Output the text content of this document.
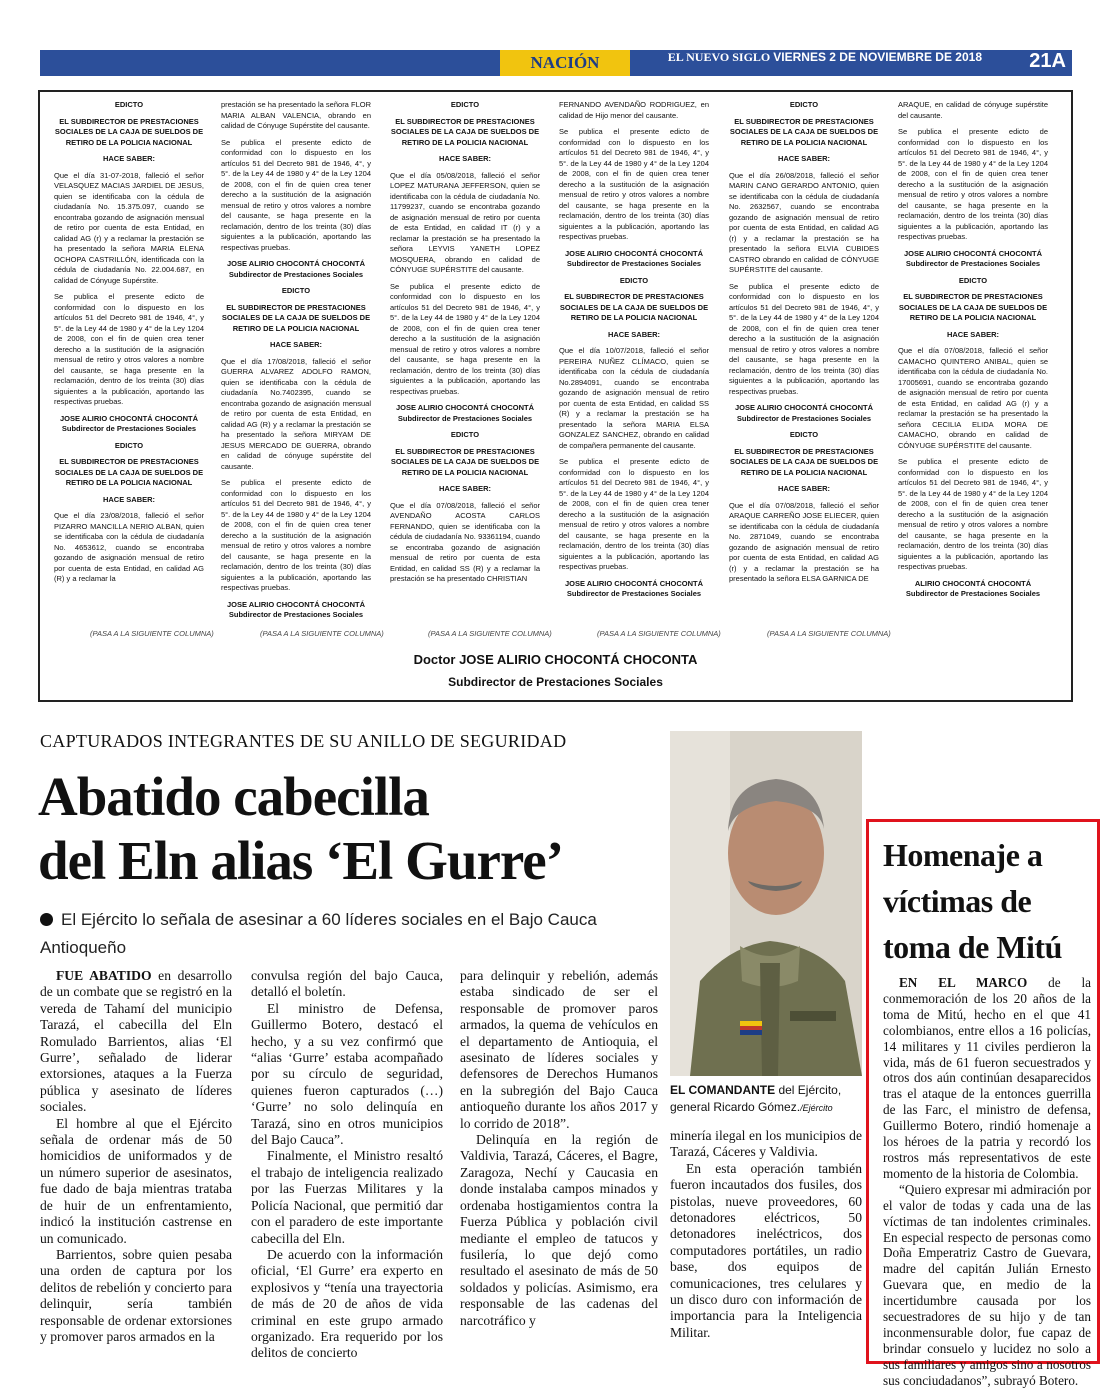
NACIÓN	EL NUEVO SIGLO VIERNES 2 DE NOVIEMBRE DE 2018 21A
EDICTO
EL SUBDIRECTOR DE PRESTACIONES SOCIALES DE LA CAJA DE SUELDOS DE RETIRO DE LA POLICIA NACIONAL
HACE SABER:
Que el día 31-07-2018, falleció el señor VELASQUEZ MACIAS JARDIEL DE JESUS, quien se identificaba con la cédula de ciudadanía No. 15.375.097, cuando se encontraba gozando de asignación mensual de retiro por cuenta de esta Entidad, en calidad AG (r) y a reclamar la prestación se ha presentado la señora MARIA ELENA OCHOPA CASTRILLÓN, identificada con la cédula de ciudadanía No. 22.004.687, en calidad de Cónyuge Supérstite.
Se publica el presente edicto de conformidad con lo dispuesto en los artículos 51 del Decreto 981 de 1946, 4°, y 5°. de la Ley 44 de 1980 y 4° de la Ley 1204 de 2008, con el fin de quien crea tener derecho a la sustitución de la asignación mensual de retiro y otros valores a nombre del causante, se haga presente en la reclamación, dentro de los treinta (30) días siguientes a la publicación, aportando las respectivas pruebas.
JOSE ALIRIO CHOCONTÁ CHOCONTÁ
Subdirector de Prestaciones Sociales
EDICTO
EL SUBDIRECTOR DE PRESTACIONES SOCIALES DE LA CAJA DE SUELDOS DE RETIRO DE LA POLICIA NACIONAL
HACE SABER:
Que el día 23/08/2018, falleció el señor PIZARRO MANCILLA NERIO ALBAN, quien se identificaba con la cédula de ciudadanía No. 4653612, cuando se encontraba gozando de asignación mensual de retiro por cuenta de esta Entidad, en calidad AG (R) y a reclamar la
prestación se ha presentado la señora FLOR MARIA ALBAN VALENCIA, obrando en calidad de Cónyuge Supérstite del causante.
Se publica el presente edicto de conformidad con lo dispuesto en los artículos 51 del Decreto 981 de 1946, 4°, y 5°. de la Ley 44 de 1980 y 4° de la Ley 1204 de 2008, con el fin de quien crea tener derecho a la sustitución de la asignación mensual de retiro y otros valores a nombre del causante, se haga presente en la reclamación, dentro de los treinta (30) días siguientes a la publicación, aportando las respectivas pruebas.
JOSE ALIRIO CHOCONTÁ CHOCONTÁ
Subdirector de Prestaciones Sociales
EDICTO
EL SUBDIRECTOR DE PRESTACIONES SOCIALES DE LA CAJA DE SUELDOS DE RETIRO DE LA POLICIA NACIONAL
HACE SABER:
Que el día 17/08/2018, falleció el señor GUERRA ALVAREZ ADOLFO RAMON, quien se identificaba con la cédula de ciudadanía No.7402395, cuando se encontraba gozando de asignación mensual de retiro por cuenta de esta Entidad, en calidad AG (R) y a reclamar la prestación se ha presentado la señora MIRYAM DE JESUS MERCADO DE GUERRA, obrando en calidad de cónyuge supérstite del causante.
Se publica el presente edicto de conformidad con lo dispuesto en los artículos 51 del Decreto 981 de 1946, 4°, y 5°. de la Ley 44 de 1980 y 4° de la Ley 1204 de 2008, con el fin de quien crea tener derecho a la sustitución de la asignación mensual de retiro y otros valores a nombre del causante, se haga presente en la reclamación, dentro de los treinta (30) días siguientes a la publicación, aportando las respectivas pruebas.
JOSE ALIRIO CHOCONTÁ CHOCONTÁ
Subdirector de Prestaciones Sociales
EDICTO
EL SUBDIRECTOR DE PRESTACIONES SOCIALES DE LA CAJA DE SUELDOS DE RETIRO DE LA POLICIA NACIONAL
HACE SABER:
Que el día 05/08/2018, falleció el señor LOPEZ MATURANA JEFFERSON, quien se identificaba con la cédula de ciudadanía No. 11799237, cuando se encontraba gozando de asignación mensual de retiro por cuenta de esta Entidad, en calidad IT (r) y a reclamar la prestación se ha presentado la señora LEYVIS YANETH LOPEZ MOSQUERA, obrando en calidad de CÓNYUGE SUPÉRSTITE del causante.
Se publica el presente edicto de conformidad con lo dispuesto en los artículos 51 del Decreto 981 de 1946, 4°, y 5°. de la Ley 44 de 1980 y 4° de la Ley 1204 de 2008, con el fin de quien crea tener derecho a la sustitución de la asignación mensual de retiro y otros valores a nombre del causante, se haga presente en la reclamación, dentro de los treinta (30) días siguientes a la publicación, aportando las respectivas pruebas.
JOSE ALIRIO CHOCONTÁ CHOCONTÁ
Subdirector de Prestaciones Sociales
EDICTO
EL SUBDIRECTOR DE PRESTACIONES SOCIALES DE LA CAJA DE SUELDOS DE RETIRO DE LA POLICIA NACIONAL
HACE SABER:
Que el día 07/08/2018, falleció el señor AVENDAÑO ACOSTA CARLOS FERNANDO, quien se identificaba con la cédula de ciudadanía No. 93361194, cuando se encontraba gozando de asignación mensual de retiro por cuenta de esta Entidad, en calidad SS (R) y a reclamar la prestación se ha presentado CHRISTIAN
FERNANDO AVENDAÑO RODRIGUEZ, en calidad de Hijo menor del causante.
Se publica el presente edicto de conformidad con lo dispuesto en los artículos 51 del Decreto 981 de 1946, 4°, y 5°. de la Ley 44 de 1980 y 4° de la Ley 1204 de 2008, con el fin de quien crea tener derecho a la sustitución de la asignación mensual de retiro y otros valores a nombre del causante, se haga presente en la reclamación, dentro de los treinta (30) días siguientes a la publicación, aportando las respectivas pruebas.
JOSE ALIRIO CHOCONTÁ CHOCONTÁ
Subdirector de Prestaciones Sociales
EDICTO
EL SUBDIRECTOR DE PRESTACIONES SOCIALES DE LA CAJA DE SUELDOS DE RETIRO DE LA POLICIA NACIONAL
HACE SABER:
Que el día 10/07/2018, falleció el señor PEREIRA NUÑEZ CLÍMACO, quien se identificaba con la cédula de ciudadanía No.2894091, cuando se encontraba gozando de asignación mensual de retiro por cuenta de esta Entidad, en calidad SS (R) y a reclamar la prestación se ha presentado la señora MARIA ELSA GONZALEZ SANCHEZ, obrando en calidad de compañera permanente del causante.
Se publica el presente edicto de conformidad con lo dispuesto en los artículos 51 del Decreto 981 de 1946, 4°, y 5°. de la Ley 44 de 1980 y 4° de la Ley 1204 de 2008, con el fin de quien crea tener derecho a la sustitución de la asignación mensual de retiro y otros valores a nombre del causante, se haga presente en la reclamación, dentro de los treinta (30) días siguientes a la publicación, aportando las respectivas pruebas.
JOSE ALIRIO CHOCONTÁ CHOCONTÁ
Subdirector de Prestaciones Sociales
EDICTO
EL SUBDIRECTOR DE PRESTACIONES SOCIALES DE LA CAJA DE SUELDOS DE RETIRO DE LA POLICIA NACIONAL
HACE SABER:
Que el día 26/08/2018, falleció el señor MARIN CANO GERARDO ANTONIO, quien se identificaba con la cédula de ciudadanía No. 2632567, cuando se encontraba gozando de asignación mensual de retiro por cuenta de esta Entidad, en calidad AG (r) y a reclamar la prestación se ha presentado la señora ELVIA CUBIDES CASTRO obrando en calidad de CÓNYUGE SUPÉRSTITE del causante.
Se publica el presente edicto de conformidad con lo dispuesto en los artículos 51 del Decreto 981 de 1946, 4°, y 5°. de la Ley 44 de 1980 y 4° de la Ley 1204 de 2008, con el fin de quien crea tener derecho a la sustitución de la asignación mensual de retiro y otros valores a nombre del causante, se haga presente en la reclamación, dentro de los treinta (30) días siguientes a la publicación, aportando las respectivas pruebas.
JOSE ALIRIO CHOCONTÁ CHOCONTÁ
Subdirector de Prestaciones Sociales
EDICTO
EL SUBDIRECTOR DE PRESTACIONES SOCIALES DE LA CAJA DE SUELDOS DE RETIRO DE LA POLICIA NACIONAL
HACE SABER:
Que el día 07/08/2018, falleció el señor ARAQUE CARREÑO JOSE ELIECER, quien se identificaba con la cédula de ciudadanía No. 2871049, cuando se encontraba gozando de asignación mensual de retiro por cuenta de esta Entidad, en calidad AG (r) y a reclamar la prestación se ha presentado la señora ELSA GARNICA DE
ARAQUE, en calidad de cónyuge supérstite del causante.
Se publica el presente edicto de conformidad con lo dispuesto en los artículos 51 del Decreto 981 de 1946, 4°, y 5°. de la Ley 44 de 1980 y 4° de la Ley 1204 de 2008, con el fin de quien crea tener derecho a la sustitución de la asignación mensual de retiro y otros valores a nombre del causante, se haga presente en la reclamación, dentro de los treinta (30) días siguientes a la publicación, aportando las respectivas pruebas.
JOSE ALIRIO CHOCONTÁ CHOCONTÁ
Subdirector de Prestaciones Sociales
EDICTO
EL SUBDIRECTOR DE PRESTACIONES SOCIALES DE LA CAJA DE SUELDOS DE RETIRO DE LA POLICIA NACIONAL
HACE SABER:
Que el día 07/08/2018, falleció el señor CAMACHO QUINTERO ANIBAL, quien se identificaba con la cédula de ciudadanía No. 17005691, cuando se encontraba gozando de asignación mensual de retiro por cuenta de esta Entidad, en calidad AG (r) y a reclamar la prestación se ha presentado la señora CECILIA ELIDA MORA DE CAMACHO, obrando en calidad de CÓNYUGE SUPÉRSTITE del causante.
Se publica el presente edicto de conformidad con lo dispuesto en los artículos 51 del Decreto 981 de 1946, 4°, y 5°. de la Ley 44 de 1980 y 4° de la Ley 1204 de 2008, con el fin de quien crea tener derecho a la sustitución de la asignación mensual de retiro y otros valores a nombre del causante, se haga presente en la reclamación, dentro de los treinta (30) días siguientes a la publicación, aportando las respectivas pruebas.
ALIRIO CHOCONTÁ CHOCONTÁ
Subdirector de Prestaciones Sociales
(PASA A LA SIGUIENTE COLUMNA)	(PASA A LA SIGUIENTE COLUMNA)	(PASA A LA SIGUIENTE COLUMNA)	(PASA A LA SIGUIENTE COLUMNA)	(PASA A LA SIGUIENTE COLUMNA)
Doctor JOSE ALIRIO CHOCONTÁ CHOCONTA
Subdirector de Prestaciones Sociales
CAPTURADOS INTEGRANTES DE SU ANILLO DE SEGURIDAD
Abatido cabecilla
del Eln alias ‘El Gurre’
El Ejército lo señala de asesinar a 60 líderes sociales en el Bajo Cauca Antioqueño

FUE ABATIDO en desarrollo de un combate que se registró en la vereda de Tahamí del municipio Tarazá, el cabecilla del Eln Romulado Barrientos, alias ‘El Gurre’, señalado de liderar extorsiones, ataques a la Fuerza pública y asesinato de líderes sociales.

El hombre al que el Ejército señala de ordenar más de 50 homicidios de uniformados y de un número superior de asesinatos, fue dado de baja mientras trataba de huir de un enfrentamiento, indicó la institución castrense en un comunicado.

Barrientos, sobre quien pesaba una orden de captura por los delitos de rebelión y concierto para delinquir, sería también responsable de ordenar extorsiones y promover paros armados en la

convulsa región del bajo Cauca, detalló el boletín.

El ministro de Defensa, Guillermo Botero, destacó el hecho, y a su vez confirmó que “alias ‘Gurre’ estaba acompañado por su círculo de seguridad, quienes fueron capturados (…) ‘Gurre’ no solo delinquía en Tarazá, sino en otros municipios del Bajo Cauca”.

Finalmente, el Ministro resaltó el trabajo de inteligencia realizado por las Fuerzas Militares y la Policía Nacional, que permitió dar con el paradero de este importante cabecilla del Eln.

De acuerdo con la información oficial, ‘El Gurre’ era experto en explosivos y “tenía una trayectoria de más de 20 de años de vida criminal en este grupo armado organizado. Era requerido por los delitos de concierto

para delinquir y rebelión, además estaba sindicado de ser el responsable de promover paros armados, la quema de vehículos en el departamento de Antioquia, el asesinato de líderes sociales y defensores de Derechos Humanos en la subregión del Bajo Cauca antioqueño durante los años 2017 y lo corrido de 2018”.

Delinquía en la región de Valdivia, Tarazá, Cáceres, el Bagre, Zaragoza, Nechí y Caucasia en donde instalaba campos minados y ordenaba hostigamientos contra la Fuerza Pública y población civil mediante el empleo de tatucos y fusilería, lo que dejó como resultado el asesinato de más de 50 soldados y policías. Asimismo, era responsable de las cadenas del narcotráfico y

minería ilegal en los municipios de Tarazá, Cáceres y Valdivia.

En esta operación también fueron incautados dos fusiles, dos pistolas, nueve proveedores, 60 detonadores eléctricos, 50 detonadores ineléctricos, dos computadores portátiles, un radio base, dos equipos de comunicaciones, tres celulares y un disco duro con información de importancia para la Inteligencia Militar.

EL COMANDANTE del Ejército, general Ricardo Gómez./Ejército
Homenaje a víctimas de toma de Mitú

EN EL MARCO de la conmemoración de los 20 años de la toma de Mitú, hecho en el que 41 colombianos, entre ellos a 16 policías, 14 militares y 11 civiles perdieron la vida, más de 61 fueron secuestrados y otros dos aún continúan desaparecidos tras el ataque de la entonces guerrilla de las Farc, el ministro de defensa, Guillermo Botero, rindió homenaje a los héroes de la patria y recordó los rostros más representativos de este momento de la historia de Colombia.

“Quiero expresar mi admiración por el valor de todas y cada una de las víctimas de tan indolentes criminales. En especial respecto de personas como Doña Emperatriz Castro de Guevara, madre del capitán Julián Ernesto Guevara que, en medio de la incertidumbre causada por los secuestradores de su hijo y de tan inconmensurable dolor, fue capaz de brindar consuelo y lucidez no solo a sus familiares y amigos sino a nosotros sus conciudadanos”, subrayó Botero.
